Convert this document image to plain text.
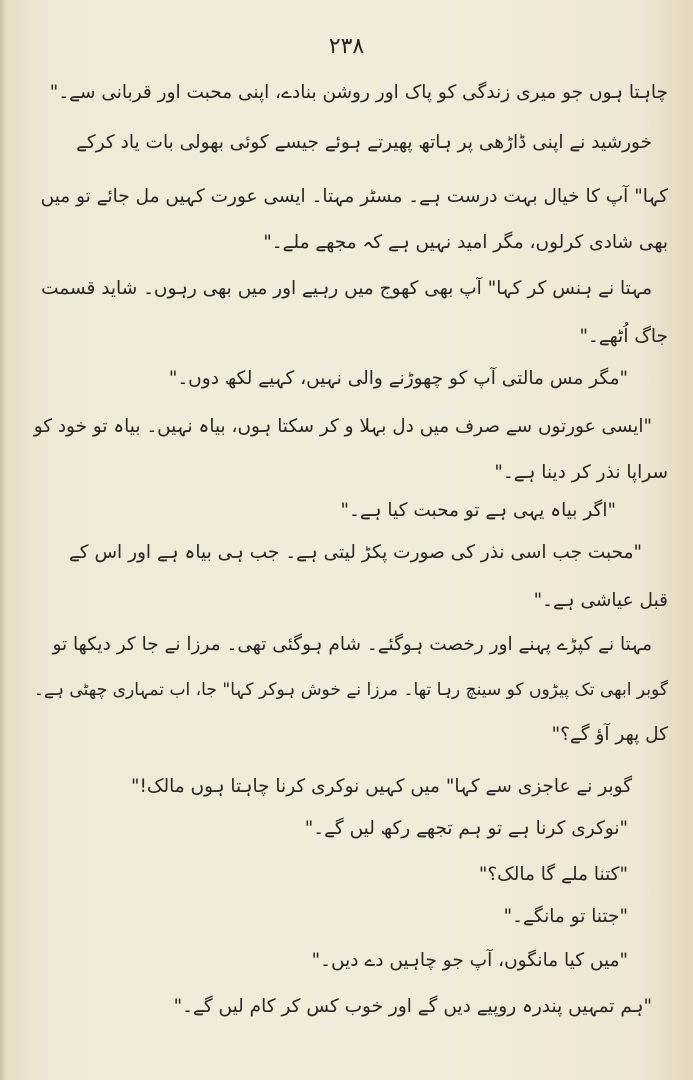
۲۳۸
چاہتا ہوں جو میری زندگی کو پاک اور روشن بنادے، اپنی محبت اور قربانی سے۔"
خورشید نے اپنی ڈاڑھی پر ہاتھ پھیرتے ہوئے جیسے کوئی بھولی بات یاد کرکے
کہا" آپ کا خیال بہت درست ہے۔ مسٹر مہتا۔ ایسی عورت کہیں مل جائے تو میں
بھی شادی کرلوں، مگر امید نہیں ہے کہ مجھے ملے۔"
مہتا نے ہنس کر کہا" آپ بھی کھوج میں رہیے اور میں بھی رہوں۔ شاید قسمت
جاگ اُٹھے۔"
"مگر مس مالتی آپ کو چھوڑنے والی نہیں، کہیے لکھ دوں۔"
"ایسی عورتوں سے صرف میں دل بہلا و کر سکتا ہوں، بیاہ نہیں۔ بیاہ تو خود کو
سراپا نذر کر دینا ہے۔"
"اگر بیاہ یہی ہے تو محبت کیا ہے۔"
"محبت جب اسی نذر کی صورت پکڑ لیتی ہے۔ جب ہی بیاہ ہے اور اس کے
قبل عیاشی ہے۔"
مہتا نے کپڑے پہنے اور رخصت ہوگئے۔ شام ہوگئی تھی۔ مرزا نے جا کر دیکھا تو
گوبر ابھی تک پیڑوں کو سینچ رہا تھا۔ مرزا نے خوش ہوکر کہا" جا، اب تمہاری چھٹی ہے۔
کل پھر آؤ گے؟"
گوبر نے عاجزی سے کہا" میں کہیں نوکری کرنا چاہتا ہوں مالک!"
"نوکری کرنا ہے تو ہم تجھے رکھ لیں گے۔"
"کتنا ملے گا مالک؟"
"جتنا تو مانگے۔"
"میں کیا مانگوں، آپ جو چاہیں دے دیں۔"
"ہم تمہیں پندرہ روپیے دیں گے اور خوب کس کر کام لیں گے۔"
